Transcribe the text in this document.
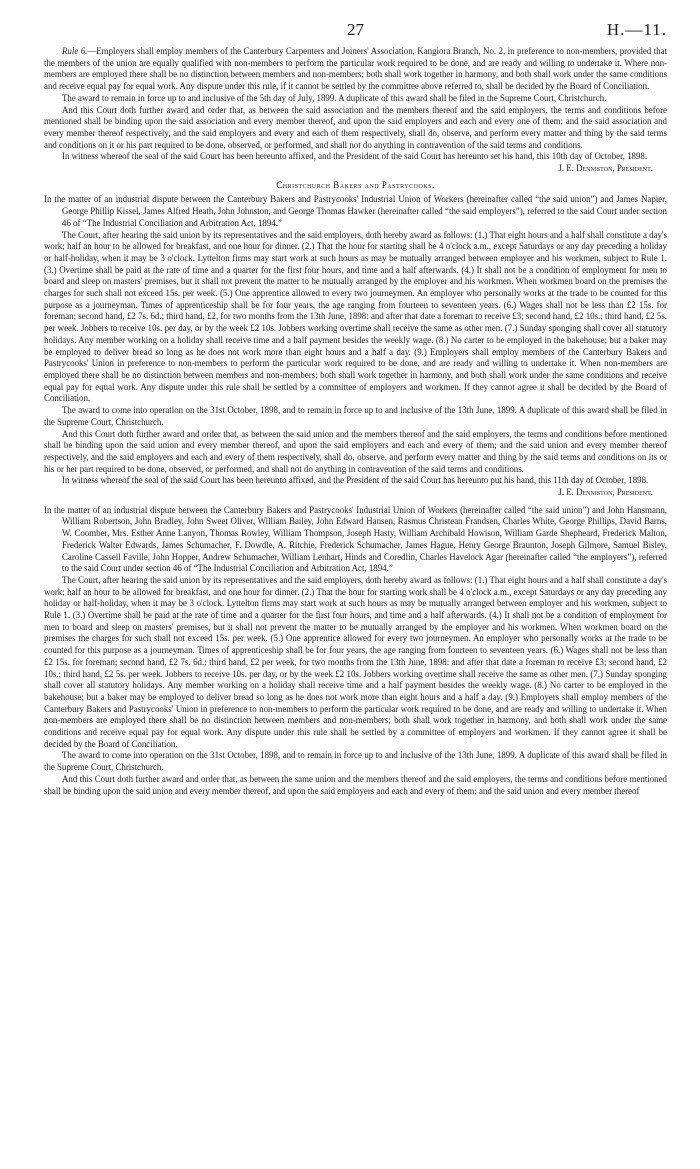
27	H.—11.

Rule 6.—Employers shall employ members of the Canterbury Carpenters and Joiners' Association, Kangiora Branch, No. 2, in preference to non-members, provided that the members of the union are equally qualified with non-members to perform the particular work required to be done, and are ready and willing to undertake it. Where non-members are employed there shall be no distinction between members and non-members; both shall work together in harmony, and both shall work under the same conditions and receive equal pay for equal work. Any dispute under this rule, if it cannot be settled by the committee above referred to, shall be decided by the Board of Conciliation.

The award to remain in force up to and inclusive of the 5th day of July, 1899. A duplicate of this award shall be filed in the Supreme Court, Christchurch.

And this Court doth further award and order that, as between the said association and the members thereof and the said employers, the terms and conditions before mentioned shall be binding upon the said association and every member thereof, and upon the said employers and each and every one of them; and the said association and every member thereof respectively, and the said employers and every and each of them respectively, shall do, observe, and perform every matter and thing by the said terms and conditions on it or his part required to be done, observed, or performed, and shall not do anything in contravention of the said terms and conditions.

In witness whereof the seal of the said Court has been hereunto affixed, and the President of the said Court has hereunto set his hand, this 10th day of October, 1898.

J. E. Denniston, President.

Christchurch Bakers and Pastrycooks.

In the matter of an industrial dispute between the Canterbury Bakers and Pastrycooks' Industrial Union of Workers (hereinafter called “the said union”) and James Napier, George Phillip Kissel, James Alfred Heath, John Johnston, and George Thomas Hawker (hereinafter called “the said employers”), referred to the said Court under section 46 of “The Industrial Conciliation and Arbitration Act, 1894.”

The Court, after hearing the said union by its representatives and the said employers, doth hereby award as follows: (1.) That eight hours and a half shall constitute a day's work; half an hour to be allowed for breakfast, and one hour for dinner. (2.) That the hour for starting shall be 4 o'clock a.m., except Saturdays or any day preceding a holiday or half-holiday, when it may be 3 o'clock. Lyttelton firms may start work at such hours as may be mutually arranged between employer and his workmen, subject to Rule 1. (3.) Overtime shall be paid at the rate of time and a quarter for the first four hours, and time and a half afterwards. (4.) It shall not be a condition of employment for men to board and sleep on masters' premises, but it shall not prevent the matter to be mutually arranged by the employer and his workmen. When workmen board on the premises the charges for such shall not exceed 15s. per week. (5.) One apprentice allowed to every two journeymen. An employer who personally works at the trade to be counted for this purpose as a journeyman. Times of apprenticeship shall be for four years, the age ranging from fourteen to seventeen years. (6.) Wages shall not be less than £2 15s. for foreman; second hand, £2 7s. 6d.; third hand, £2, for two months from the 13th June, 1898: and after that date a foreman to receive £3; second hand, £2 10s.; third hand, £2 5s. per week. Jobbers to receive 10s. per day, or by the week £2 10s. Jobbers working overtime shall receive the same as other men. (7.) Sunday sponging shall cover all statutory holidays. Any member working on a holiday shall receive time and a half payment besides the weekly wage. (8.) No carter to be employed in the bakehouse; but a baker may be employed to deliver bread so long as he does not work more than eight hours and a half a day. (9.) Employers shall employ members of the Canterbury Bakers and Pastrycooks' Union in preference to non-members to perform the particular work required to be done, and are ready and willing to undertake it. When non-members are employed there shall be no distinction between members and non-members; both shall work together in harmony, and both shall work under the same conditions and receive equal pay for equal work. Any dispute under this rule shall be settled by a committee of employers and workmen. If they cannot agree it shall be decided by the Board of Conciliation.

The award to come into operation on the 31st October, 1898, and to remain in force up to and inclusive of the 13th June, 1899. A duplicate of this award shall be filed in the Supreme Court, Christchurch.

And this Court doth further award and order that, as between the said union and the members thereof and the said employers, the terms and conditions before mentioned shall be binding upon the said union and every member thereof, and upon the said employers and each and every of them; and the said union and every member thereof respectively, and the said employers and each and every of them respectively, shall do, observe, and perform every matter and thing by the said terms and conditions on its or his or her part required to be done, observed, or performed, and shall not do anything in contravention of the said terms and conditions.

In witness whereof the seal of the said Court has been hereunto affixed, and the President of the said Court has hereunto put his hand, this 11th day of October, 1898.

J. E. Denniston, President.

In the matter of an industrial dispute between the Canterbury Bakers and Pastrycooks' Industrial Union of Workers (hereinafter called “the said union”) and John Hansmann, William Robertson, John Bradley, John Sweet Oliver, William Bailey, John Edward Hansen, Rasmus Christean Frandsen, Charles White, George Phillips, David Barns, W. Coomber, Mrs. Esther Anne Lanyon, Thomas Rowley, William Thompson, Joseph Hasty, William Archibald Howison, William Garde Shepheard, Frederick Malton, Frederick Walter Edwards, James Schumacher, F. Dowdle, A. Ritchie, Frederick Schumacher, James Hague, Henry George Braunton, Joseph Gilmore, Samuel Bisley, Caroline Cassell Faville, John Hopper, Andrew Schumacher, William Lenhart, Hinds and Coredlin, Charles Havelock Agar (hereinafter called “the employers”), referred to the said Court under section 46 of “The Industrial Conciliation and Arbitration Act, 1894.”

The Court, after hearing the said union by its representatives and the said employers, doth hereby award as follows: (1.) That eight hours and a half shall constitute a day's work; half an hour to be allowed for breakfast, and one hour for dinner. (2.) That the hour for starting work shall be 4 o'clock a.m., except Saturdays or any day preceding any holiday or half-holiday, when it may be 3 o'clock. Lyttelton firms may start work at such hours as may be mutually arranged between employer and his workmen, subject to Rule 1. (3.) Overtime shall be paid at the rate of time and a quarter for the first four hours, and time and a half afterwards. (4.) It shall not be a condition of employment for men to board and sleep on masters' premises, but it shall not prevent the matter to be mutually arranged by the employer and his workmen. When workmen board on the premises the charges for such shall not exceed 15s. per week. (5.) One apprentice allowed for every two journeymen. An employer who personally works at the trade to be counted for this purpose as a journeyman. Times of apprenticeship shall be for four years, the age ranging from fourteen to seventeen years. (6.) Wages shall not be less than £2 15s. for foreman; second hand, £2 7s. 6d.; third hand, £2 per week, for two months from the 13th June, 1898: and after that date a foreman to receive £3; second hand, £2 10s.; third hand, £2 5s. per week. Jobbers to receive 10s. per day, or by the week £2 10s. Jobbers working overtime shall receive the same as other men. (7.) Sunday sponging shall cover all statutory holidays. Any member working on a holiday shall receive time and a half payment besides the weekly wage. (8.) No carter to be employed in the bakehouse; but a baker may be employed to deliver bread so long as he does not work more than eight hours and a half a day. (9.) Employers shall employ members of the Canterbury Bakers and Pastrycooks' Union in preference to non-members to perform the particular work required to be done, and are ready and willing to undertake it. When non-members are employed there shall be no distinction between members and non-members; both shall work together in harmony, and both shall work under the same conditions and receive equal pay for equal work. Any dispute under this rule shall be settled by a committee of employers and workmen. If they cannot agree it shall be decided by the Board of Conciliation.

The award to come into operation on the 31st October, 1898, and to remain in force up to and inclusive of the 13th June, 1899. A duplicate of this award shall be filed in the Supreme Court, Christchurch.

And this Court doth further award and order that, as between the same union and the members thereof and the said employers, the terms and conditions before mentioned shall be binding upon the said union and every member thereof, and upon the said employers and each and every of them; and the said union and every member thereof
